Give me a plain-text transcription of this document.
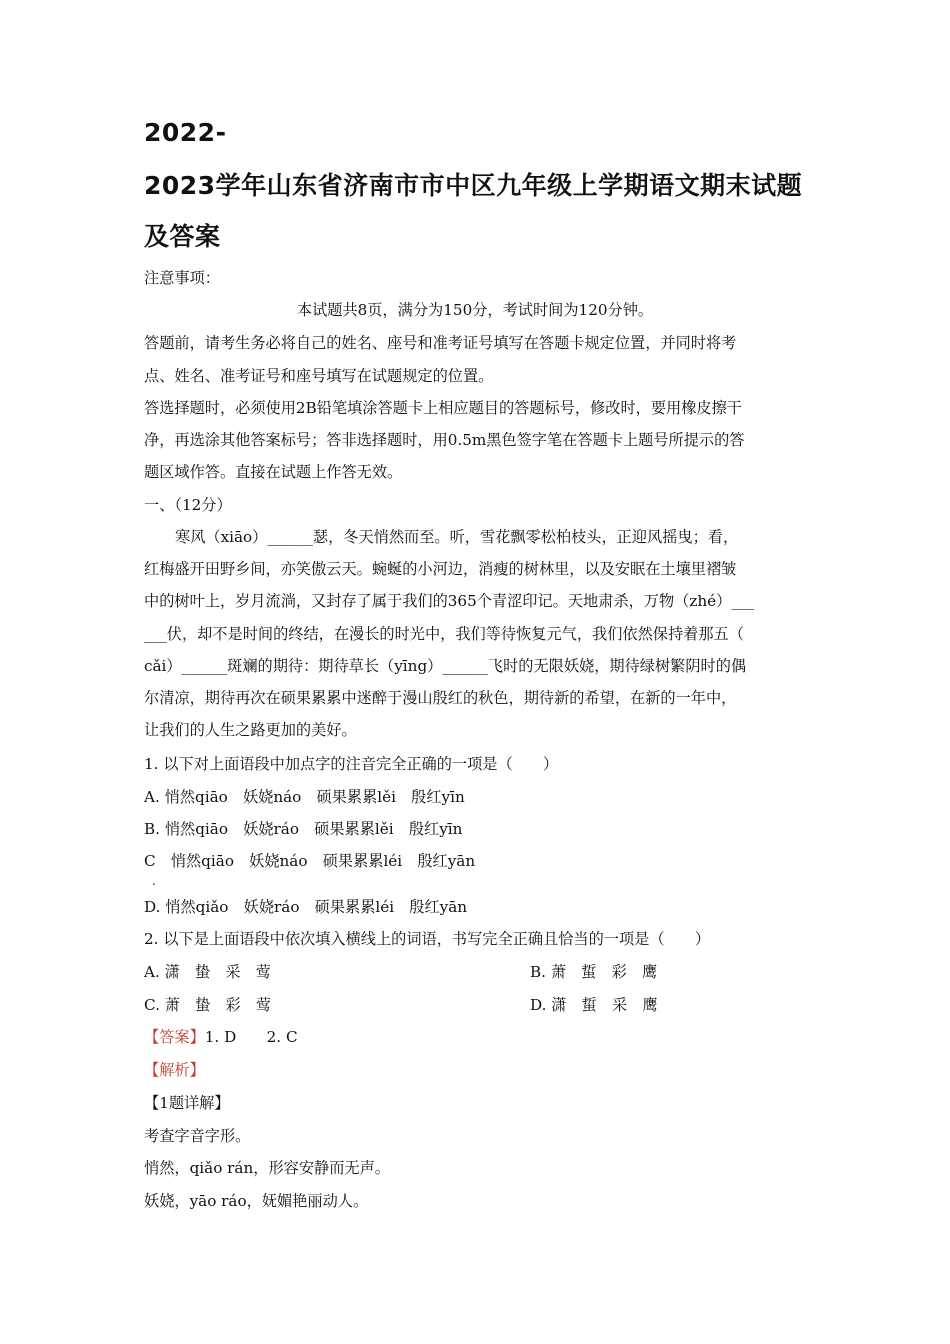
2022-
2023学年山东省济南市市中区九年级上学期语文期末试题
及答案
注意事项：
本试题共8页，满分为150分，考试时间为120分钟。
答题前，请考生务必将自己的姓名、座号和准考证号填写在答题卡规定位置，并同时将考
点、姓名、准考证号和座号填写在试题规定的位置。
答选择题时，必须使用2B铅笔填涂答题卡上相应题目的答题标号，修改时，要用橡皮擦干
净，再选涂其他答案标号；答非选择题时，用0.5m黑色签字笔在答题卡上题号所提示的答
题区域作答。直接在试题上作答无效。
一、（12分）
寒风（xiāo）______瑟，冬天悄然而至。听，雪花飘零松柏枝头，正迎风摇曳；看，
红梅盛开田野乡间，亦笑傲云天。蜿蜒的小河边，消瘦的树林里，以及安眠在土壤里褶皱
中的树叶上，岁月流淌，又封存了属于我们的365个青涩印记。天地肃杀，万物（zhé）___
___伏，却不是时间的终结，在漫长的时光中，我们等待恢复元气，我们依然保持着那五（
cǎi）______斑斓的期待：期待草长（yīng）______飞时的无限妖娆，期待绿树繁阴时的偶
尔清凉，期待再次在硕果累累中迷醉于漫山殷红的秋色，期待新的希望，在新的一年中，
让我们的人生之路更加的美好。
1. 以下对上面语段中加点字的注音完全正确的一项是（　　）
A. 悄然qiāo　妖娆náo　硕果累累lěi　殷红yīn
B. 悄然qiāo　妖娆ráo　硕果累累lěi　殷红yīn
C　悄然qiāo　妖娆náo　硕果累累léi　殷红yān
.
D. 悄然qiǎo　妖娆ráo　硕果累累léi　殷红yān
2. 以下是上面语段中依次填入横线上的词语，书写完全正确且恰当的一项是（　　）
A. 潇　蛰　采　莺	B. 萧　蜇　彩　鹰
C. 萧　蛰　彩　莺	D. 潇　蜇　采　鹰
【答案】1. D　　2. C
【解析】
【1题详解】
考查字音字形。
悄然，qiǎo rán，形容安静而无声。
妖娆，yāo ráo，妩媚艳丽动人。
